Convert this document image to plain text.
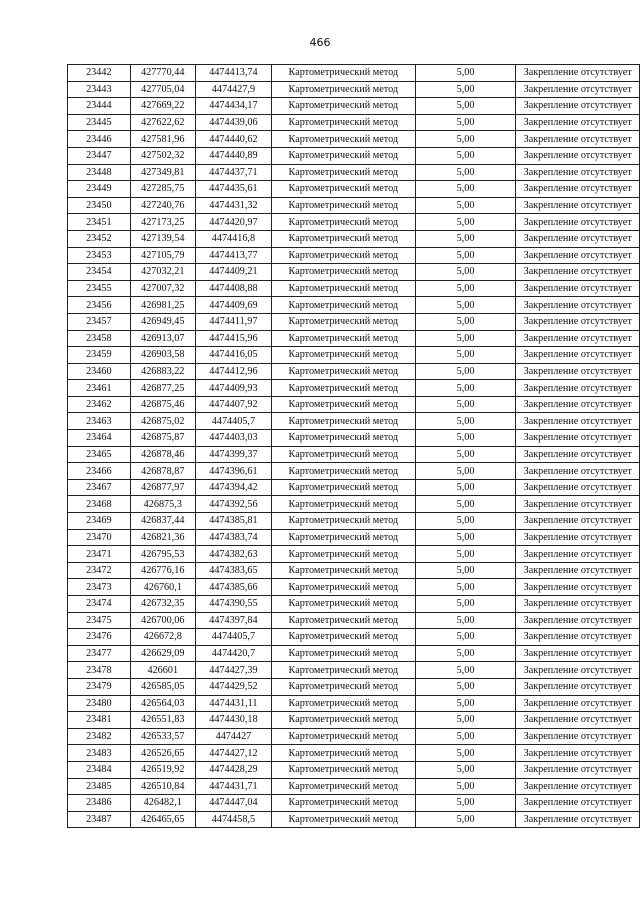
466
23442	427770,44	4474413,74	Картометрический метод	5,00	Закрепление отсутствует
23443	427705,04	4474427,9	Картометрический метод	5,00	Закрепление отсутствует
23444	427669,22	4474434,17	Картометрический метод	5,00	Закрепление отсутствует
23445	427622,62	4474439,06	Картометрический метод	5,00	Закрепление отсутствует
23446	427581,96	4474440,62	Картометрический метод	5,00	Закрепление отсутствует
23447	427502,32	4474440,89	Картометрический метод	5,00	Закрепление отсутствует
23448	427349,81	4474437,71	Картометрический метод	5,00	Закрепление отсутствует
23449	427285,75	4474435,61	Картометрический метод	5,00	Закрепление отсутствует
23450	427240,76	4474431,32	Картометрический метод	5,00	Закрепление отсутствует
23451	427173,25	4474420,97	Картометрический метод	5,00	Закрепление отсутствует
23452	427139,54	4474416,8	Картометрический метод	5,00	Закрепление отсутствует
23453	427105,79	4474413,77	Картометрический метод	5,00	Закрепление отсутствует
23454	427032,21	4474409,21	Картометрический метод	5,00	Закрепление отсутствует
23455	427007,32	4474408,88	Картометрический метод	5,00	Закрепление отсутствует
23456	426981,25	4474409,69	Картометрический метод	5,00	Закрепление отсутствует
23457	426949,45	4474411,97	Картометрический метод	5,00	Закрепление отсутствует
23458	426913,07	4474415,96	Картометрический метод	5,00	Закрепление отсутствует
23459	426903,58	4474416,05	Картометрический метод	5,00	Закрепление отсутствует
23460	426883,22	4474412,96	Картометрический метод	5,00	Закрепление отсутствует
23461	426877,25	4474409,93	Картометрический метод	5,00	Закрепление отсутствует
23462	426875,46	4474407,92	Картометрический метод	5,00	Закрепление отсутствует
23463	426875,02	4474405,7	Картометрический метод	5,00	Закрепление отсутствует
23464	426875,87	4474403,03	Картометрический метод	5,00	Закрепление отсутствует
23465	426878,46	4474399,37	Картометрический метод	5,00	Закрепление отсутствует
23466	426878,87	4474396,61	Картометрический метод	5,00	Закрепление отсутствует
23467	426877,97	4474394,42	Картометрический метод	5,00	Закрепление отсутствует
23468	426875,3	4474392,56	Картометрический метод	5,00	Закрепление отсутствует
23469	426837,44	4474385,81	Картометрический метод	5,00	Закрепление отсутствует
23470	426821,36	4474383,74	Картометрический метод	5,00	Закрепление отсутствует
23471	426795,53	4474382,63	Картометрический метод	5,00	Закрепление отсутствует
23472	426776,16	4474383,65	Картометрический метод	5,00	Закрепление отсутствует
23473	426760,1	4474385,66	Картометрический метод	5,00	Закрепление отсутствует
23474	426732,35	4474390,55	Картометрический метод	5,00	Закрепление отсутствует
23475	426700,06	4474397,84	Картометрический метод	5,00	Закрепление отсутствует
23476	426672,8	4474405,7	Картометрический метод	5,00	Закрепление отсутствует
23477	426629,09	4474420,7	Картометрический метод	5,00	Закрепление отсутствует
23478	426601	4474427,39	Картометрический метод	5,00	Закрепление отсутствует
23479	426585,05	4474429,52	Картометрический метод	5,00	Закрепление отсутствует
23480	426564,03	4474431,11	Картометрический метод	5,00	Закрепление отсутствует
23481	426551,83	4474430,18	Картометрический метод	5,00	Закрепление отсутствует
23482	426533,57	4474427	Картометрический метод	5,00	Закрепление отсутствует
23483	426526,65	4474427,12	Картометрический метод	5,00	Закрепление отсутствует
23484	426519,92	4474428,29	Картометрический метод	5,00	Закрепление отсутствует
23485	426510,84	4474431,71	Картометрический метод	5,00	Закрепление отсутствует
23486	426482,1	4474447,04	Картометрический метод	5,00	Закрепление отсутствует
23487	426465,65	4474458,5	Картометрический метод	5,00	Закрепление отсутствует
